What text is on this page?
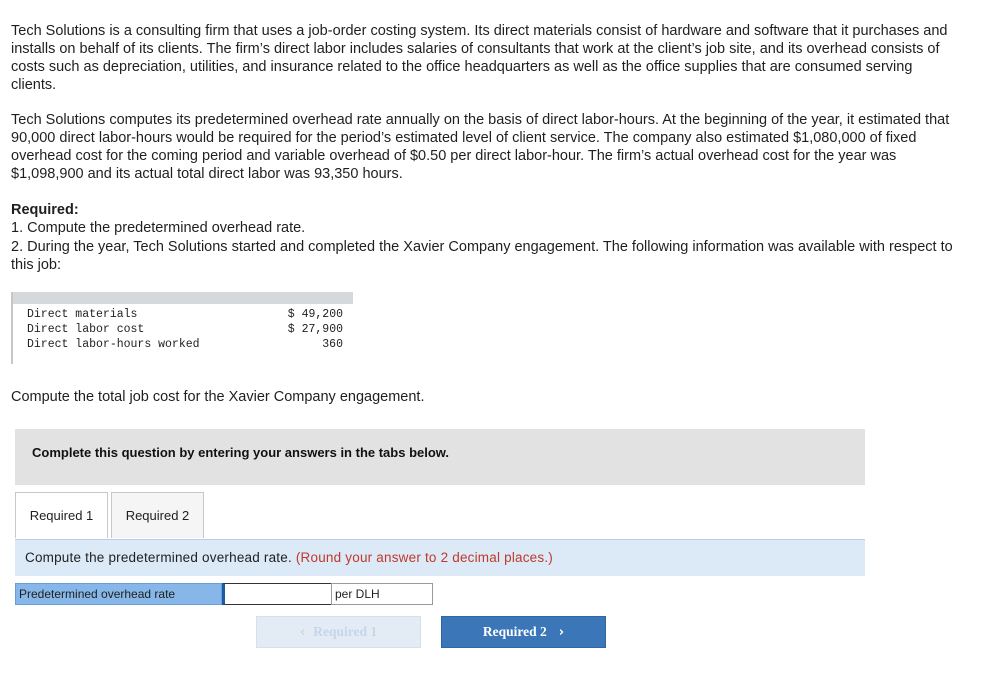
Tech Solutions is a consulting firm that uses a job-order costing system. Its direct materials consist of hardware and software that it purchases and installs on behalf of its clients. The firm’s direct labor includes salaries of consultants that work at the client’s job site, and its overhead consists of costs such as depreciation, utilities, and insurance related to the office headquarters as well as the office supplies that are consumed serving clients.

Tech Solutions computes its predetermined overhead rate annually on the basis of direct labor-hours. At the beginning of the year, it estimated that 90,000 direct labor-hours would be required for the period’s estimated level of client service. The company also estimated $1,080,000 of fixed overhead cost for the coming period and variable overhead of $0.50 per direct labor-hour. The firm’s actual overhead cost for the year was $1,098,900 and its actual total direct labor was 93,350 hours.

Required:

1. Compute the predetermined overhead rate.

2. During the year, Tech Solutions started and completed the Xavier Company engagement. The following information was available with respect to this job:

Direct materials	$ 49,200
Direct labor cost	$ 27,900
Direct labor-hours worked	360

Compute the total job cost for the Xavier Company engagement.

Complete this question by entering your answers in the tabs below.
Required 1 Required 2
Compute the predetermined overhead rate. (Round your answer to 2 decimal places.)
Predetermined overhead rate	per DLH
‹ Required 1	Required 2 ›
